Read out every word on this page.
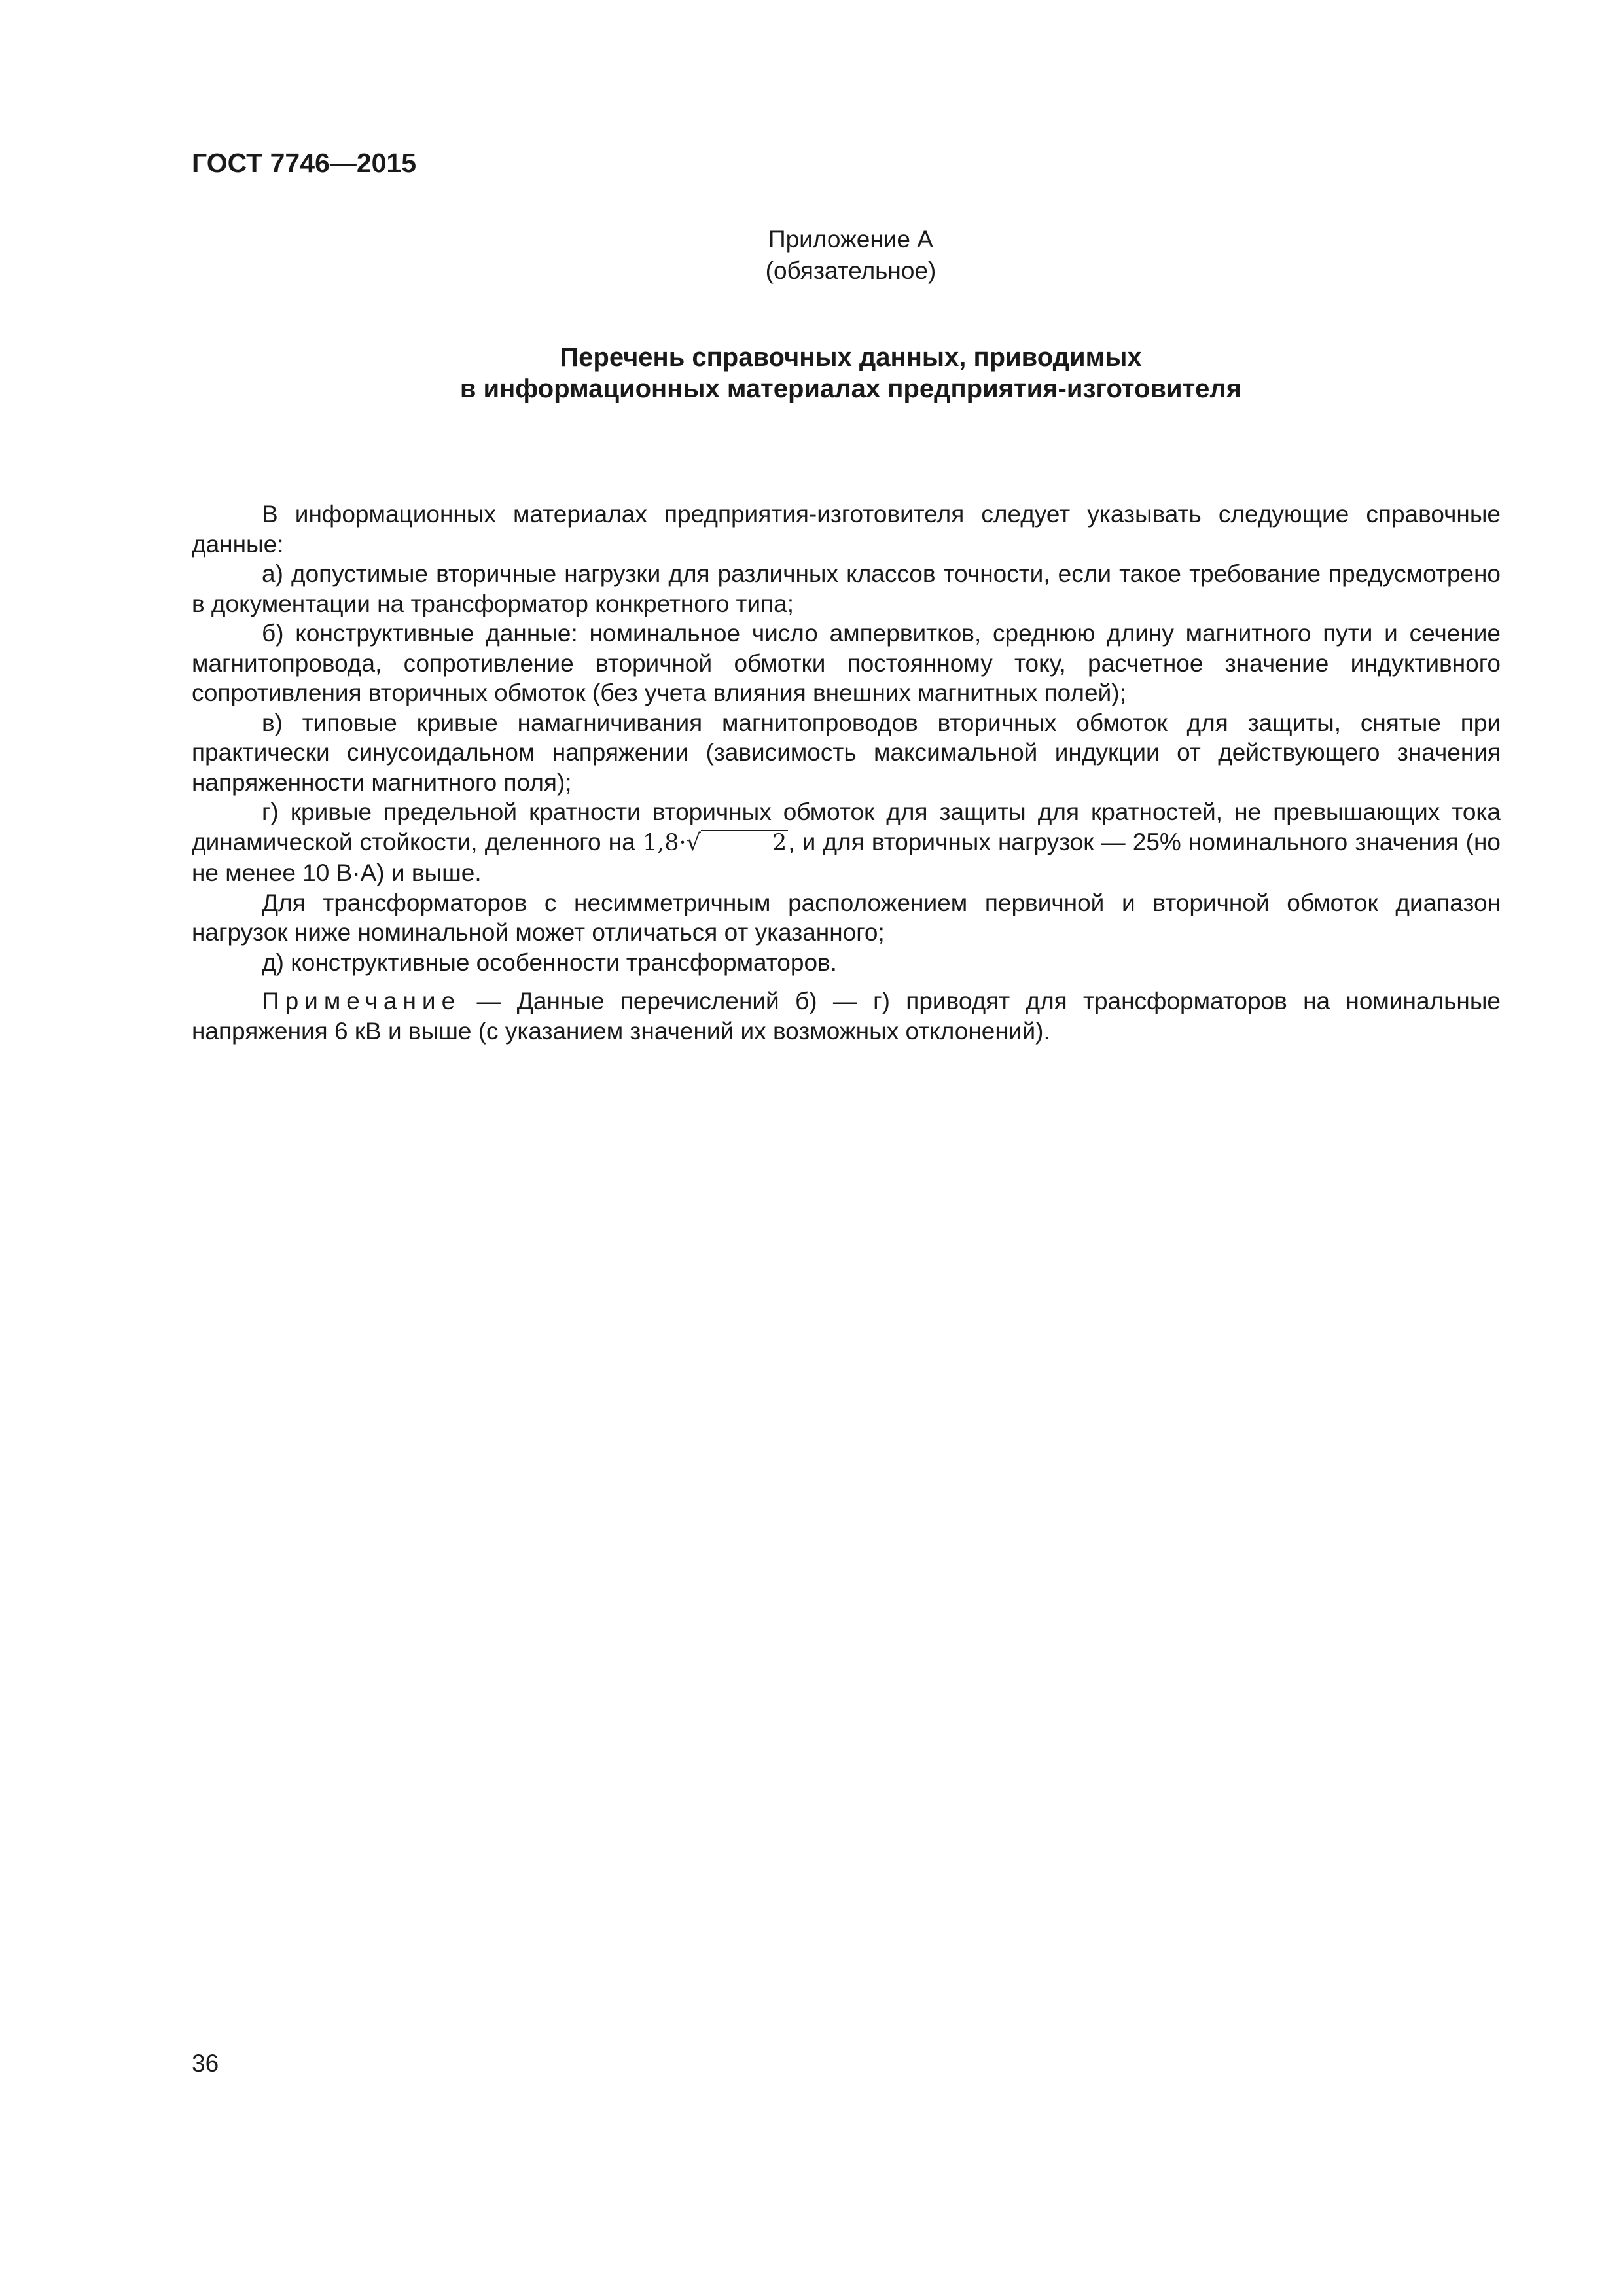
ГОСТ 7746—2015
Приложение А
(обязательное)
Перечень справочных данных, приводимых
в информационных материалах предприятия-изготовителя

В информационных материалах предприятия-изготовителя следует указывать следующие справочные данные:

а) допустимые вторичные нагрузки для различных классов точности, если такое требование предусмотрено в документации на трансформатор конкретного типа;

б) конструктивные данные: номинальное число ампервитков, среднюю длину магнитного пути и сечение магнитопровода, сопротивление вторичной обмотки постоянному току, расчетное значение индуктивного сопротивления вторичных обмоток (без учета влияния внешних магнитных полей);

в) типовые кривые намагничивания магнитопроводов вторичных обмоток для защиты, снятые при практически синусоидальном напряжении (зависимость максимальной индукции от действующего значения напряженности магнитного поля);

г) кривые предельной кратности вторичных обмоток для защиты для кратностей, не превышающих тока динамической стойкости, деленного на 1,8·√	2, и для вторичных нагрузок — 25% номинального значения (но не менее 10 В·А) и выше.

Для трансформаторов с несимметричным расположением первичной и вторичной обмоток диапазон нагрузок ниже номинальной может отличаться от указанного;

д) конструктивные особенности трансформаторов.

Примечание — Данные перечислений б) — г) приводят для трансформаторов на номинальные напряжения 6 кВ и выше (с указанием значений их возможных отклонений).

36
